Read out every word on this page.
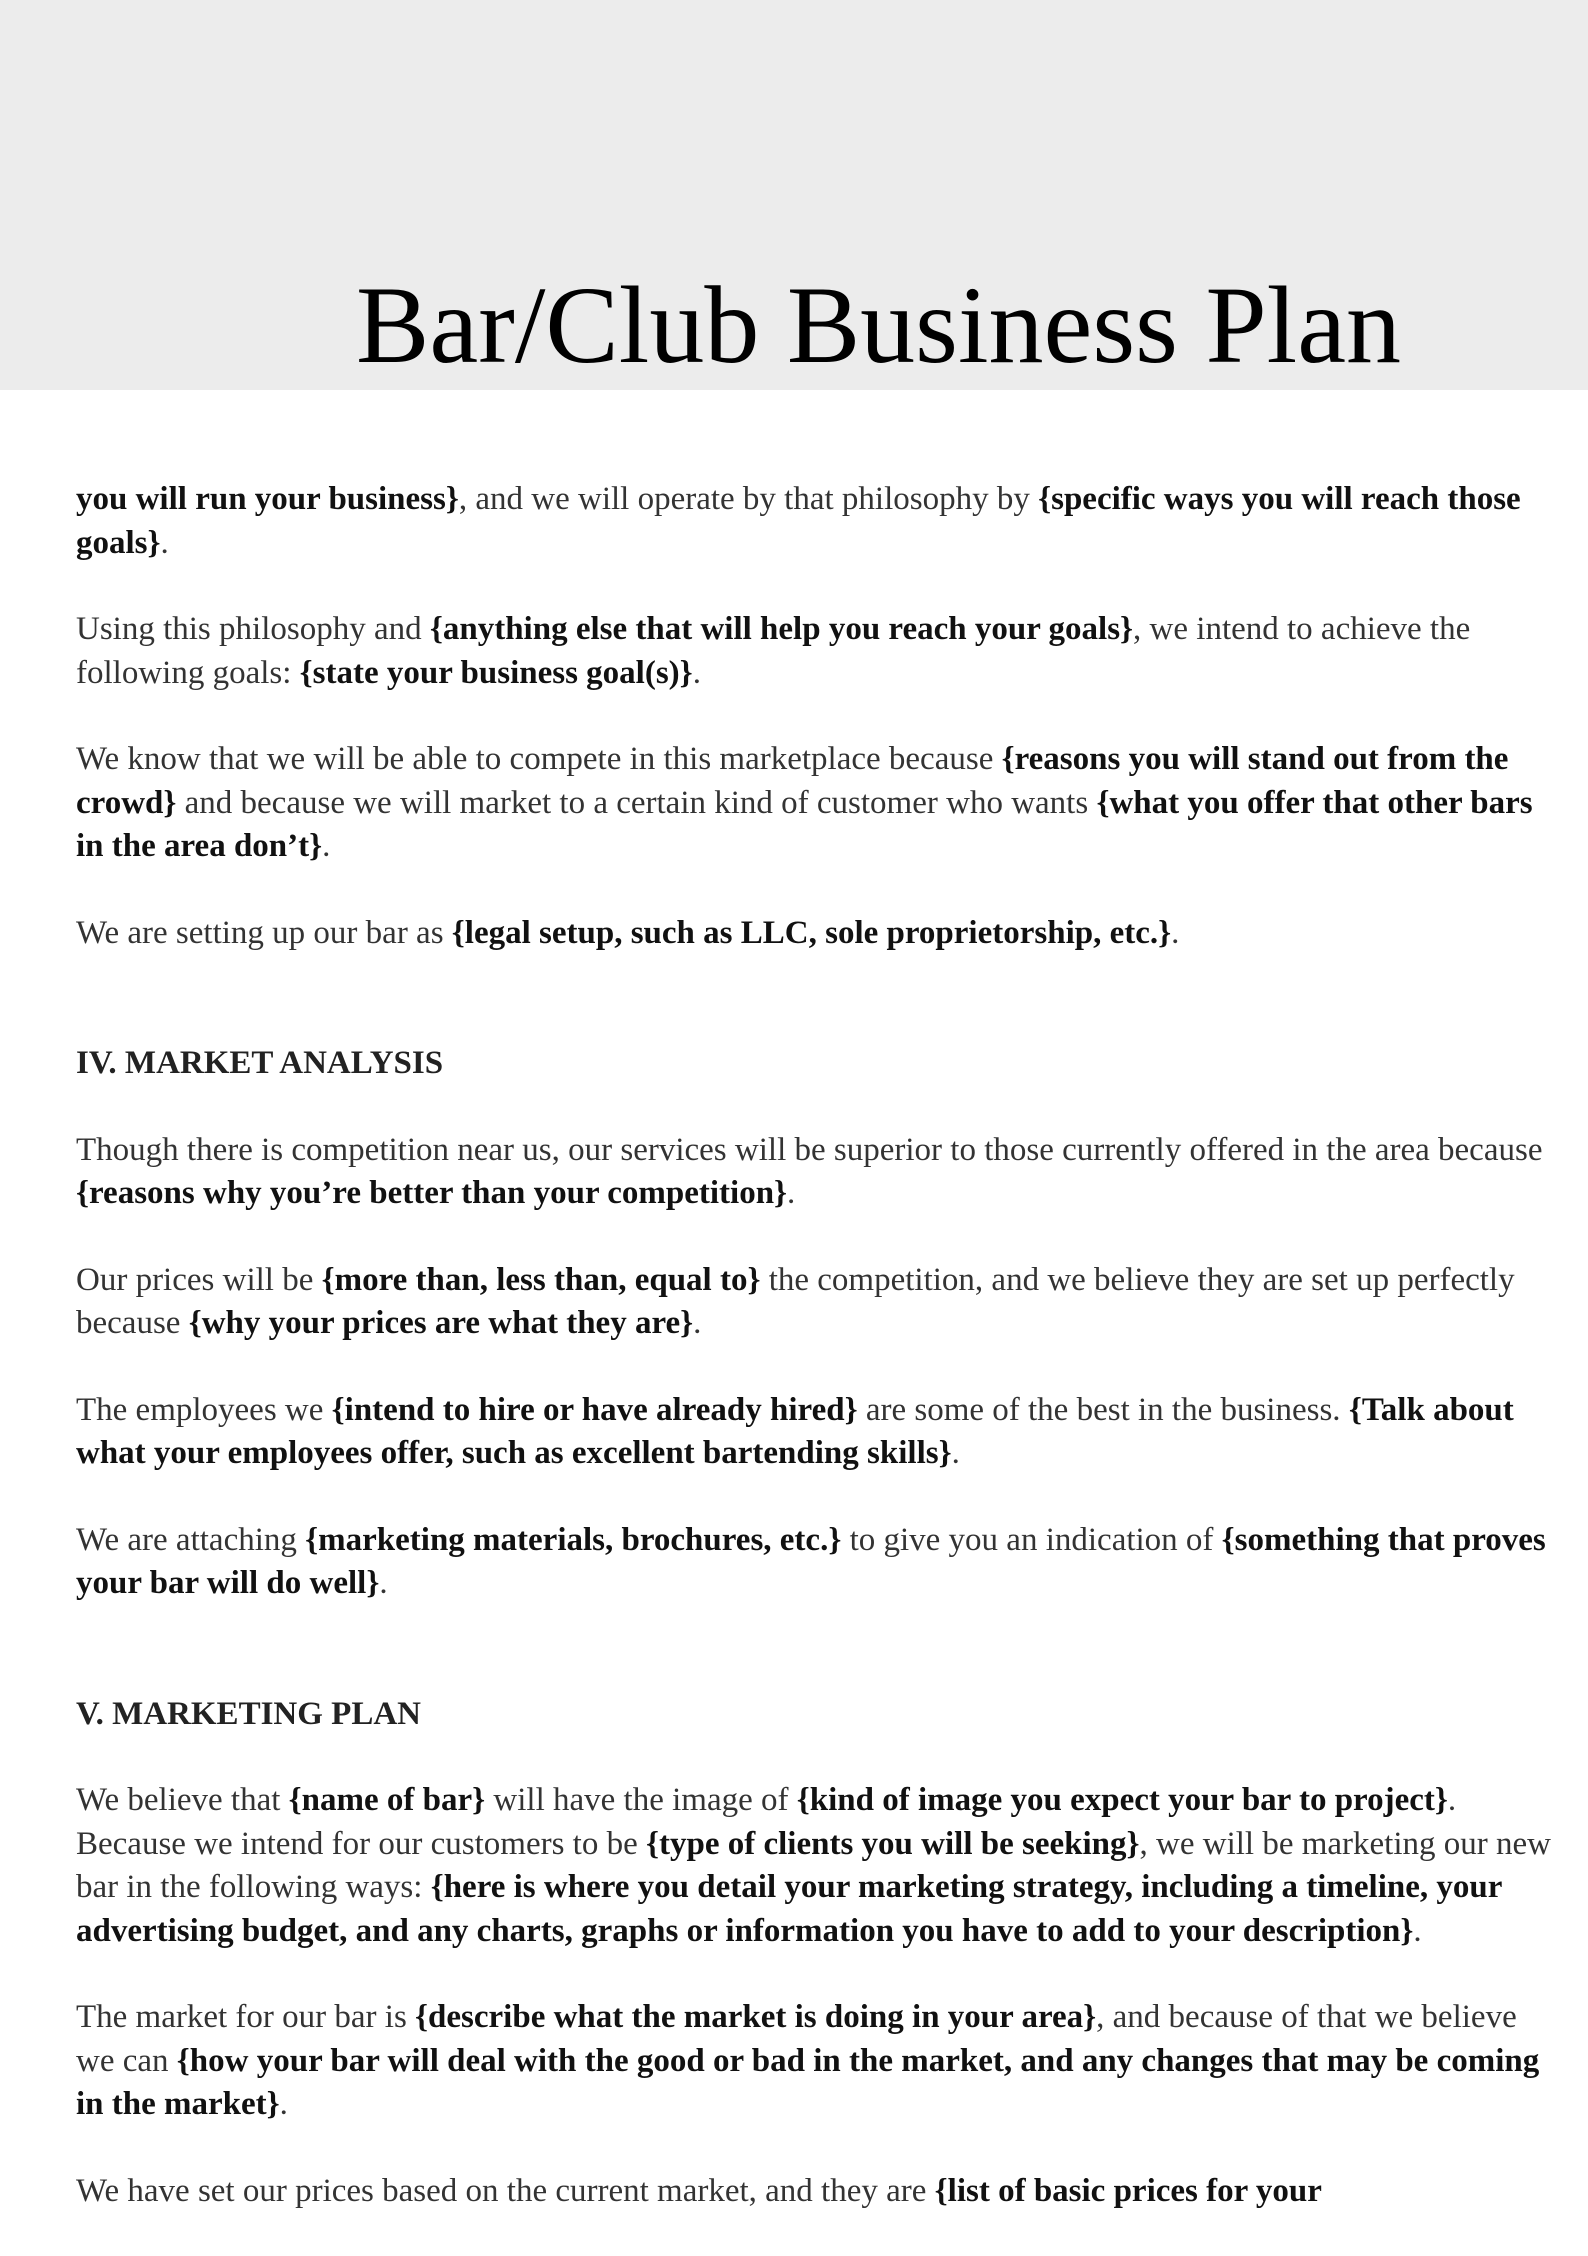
Bar/Club Business Plan

you will run your business}, and we will operate by that philosophy by {specific ways you will reach those goals}.

Using this philosophy and {anything else that will help you reach your goals}, we intend to achieve the following goals: {state your business goal(s)}.

We know that we will be able to compete in this marketplace because {reasons you will stand out from the crowd} and because we will market to a certain kind of customer who wants {what you offer that other bars in the area don’t}.

We are setting up our bar as {legal setup, such as LLC, sole proprietorship, etc.}.

IV. MARKET ANALYSIS

Though there is competition near us, our services will be superior to those currently offered in the area because {reasons why you’re better than your competition}.

Our prices will be {more than, less than, equal to} the competition, and we believe they are set up perfectly because {why your prices are what they are}.

The employees we {intend to hire or have already hired} are some of the best in the business. {Talk about what your employees offer, such as excellent bartending skills}.

We are attaching {marketing materials, brochures, etc.} to give you an indication of {something that proves your bar will do well}.

V. MARKETING PLAN

We believe that {name of bar} will have the image of {kind of image you expect your bar to project}. Because we intend for our customers to be {type of clients you will be seeking}, we will be marketing our new bar in the following ways: {here is where you detail your marketing strategy, including a timeline, your advertising budget, and any charts, graphs or information you have to add to your description}.

The market for our bar is {describe what the market is doing in your area}, and because of that we believe we can {how your bar will deal with the good or bad in the market, and any changes that may be coming in the market}.

We have set our prices based on the current market, and they are {list of basic prices for your
